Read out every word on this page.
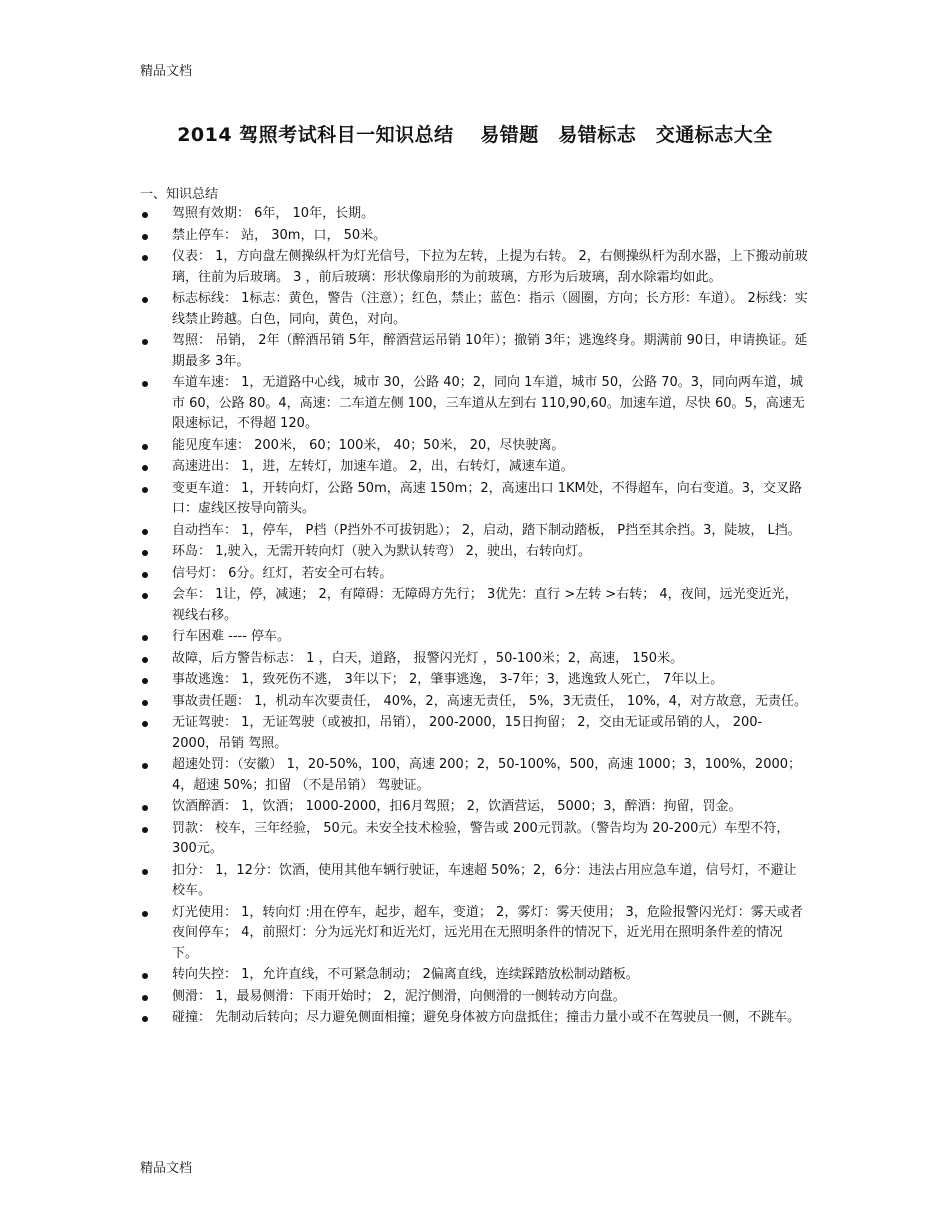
精品文档
2014 驾照考试科目一知识总结　 易错题　易错标志　交通标志大全
一、知识总结
驾照有效期： 6年， 10年，长期。
禁止停车： 站， 30m，口， 50米。
仪表： 1，方向盘左侧操纵杆为灯光信号，下拉为左转，上提为右转。 2，右侧操纵杆为刮水器，上下搬动前玻璃，往前为后玻璃。 3 ，前后玻璃：形状像扇形的为前玻璃，方形为后玻璃，刮水除霜均如此。
标志标线： 1标志：黄色，警告（注意）；红色，禁止；蓝色：指示（圆圈，方向；长方形：车道）。 2标线：实线禁止跨越。白色，同向，黄色，对向。
驾照： 吊销， 2年（醉酒吊销 5年，醉酒营运吊销 10年）；撤销 3年；逃逸终身。期满前 90日，申请换证。延期最多 3年。
车道车速： 1，无道路中心线，城市 30，公路 40；2，同向 1车道，城市 50，公路 70。3，同向两车道，城市 60，公路 80。4，高速：二车道左侧 100，三车道从左到右 110,90,60。加速车道，尽快 60。5，高速无限速标记，不得超 120。
能见度车速： 200米， 60；100米， 40；50米， 20，尽快驶离。
高速进出： 1，进，左转灯，加速车道。 2，出，右转灯，减速车道。
变更车道： 1，开转向灯，公路 50m，高速 150m；2，高速出口 1KM处，不得超车，向右变道。3，交叉路口：虚线区按导向箭头。
自动挡车： 1，停车， P档（P挡外不可拔钥匙）； 2，启动，踏下制动踏板， P挡至其余挡。3，陡坡， L挡。
环岛： 1,驶入，无需开转向灯（驶入为默认转弯） 2，驶出，右转向灯。
信号灯： 6分。红灯，若安全可右转。
会车： 1让，停，减速； 2，有障碍：无障碍方先行； 3优先：直行 >左转 >右转； 4，夜间，远光变近光，视线右移。
行车困难 ---- 停车。
故障，后方警告标志： 1 ，白天，道路， 报警闪光灯 ，50-100米；2，高速， 150米。
事故逃逸： 1，致死伤不逃， 3年以下； 2，肇事逃逸， 3-7年；3，逃逸致人死亡， 7年以上。
事故责任题： 1，机动车次要责任， 40%，2，高速无责任， 5%，3无责任， 10%，4，对方故意，无责任。
无证驾驶： 1，无证驾驶（或被扣，吊销）， 200-2000，15日拘留； 2，交由无证或吊销的人， 200-2000，吊销 驾照。
超速处罚：（安徽） 1，20-50%，100，高速 200；2，50-100%，500，高速 1000；3，100%，2000；4，超速 50%；扣留 （不是吊销） 驾驶证。
饮酒醉酒： 1，饮酒； 1000-2000，扣6月驾照； 2，饮酒营运， 5000；3，醉酒：拘留，罚金。
罚款： 校车，三年经验， 50元。未安全技术检验，警告或 200元罚款。（警告均为 20-200元）车型不符， 300元。
扣分： 1，12分：饮酒，使用其他车辆行驶证，车速超 50%；2，6分：违法占用应急车道，信号灯，不避让校车。
灯光使用： 1，转向灯 :用在停车，起步，超车，变道； 2，雾灯：雾天使用； 3，危险报警闪光灯：雾天或者夜间停车； 4，前照灯：分为远光灯和近光灯，远光用在无照明条件的情况下，近光用在照明条件差的情况下。
转向失控： 1，允许直线，不可紧急制动； 2偏离直线，连续踩踏放松制动踏板。
侧滑： 1，最易侧滑：下雨开始时； 2，泥泞侧滑，向侧滑的一侧转动方向盘。
碰撞： 先制动后转向；尽力避免侧面相撞；避免身体被方向盘抵住；撞击力量小或不在驾驶员一侧，不跳车。
精品文档
